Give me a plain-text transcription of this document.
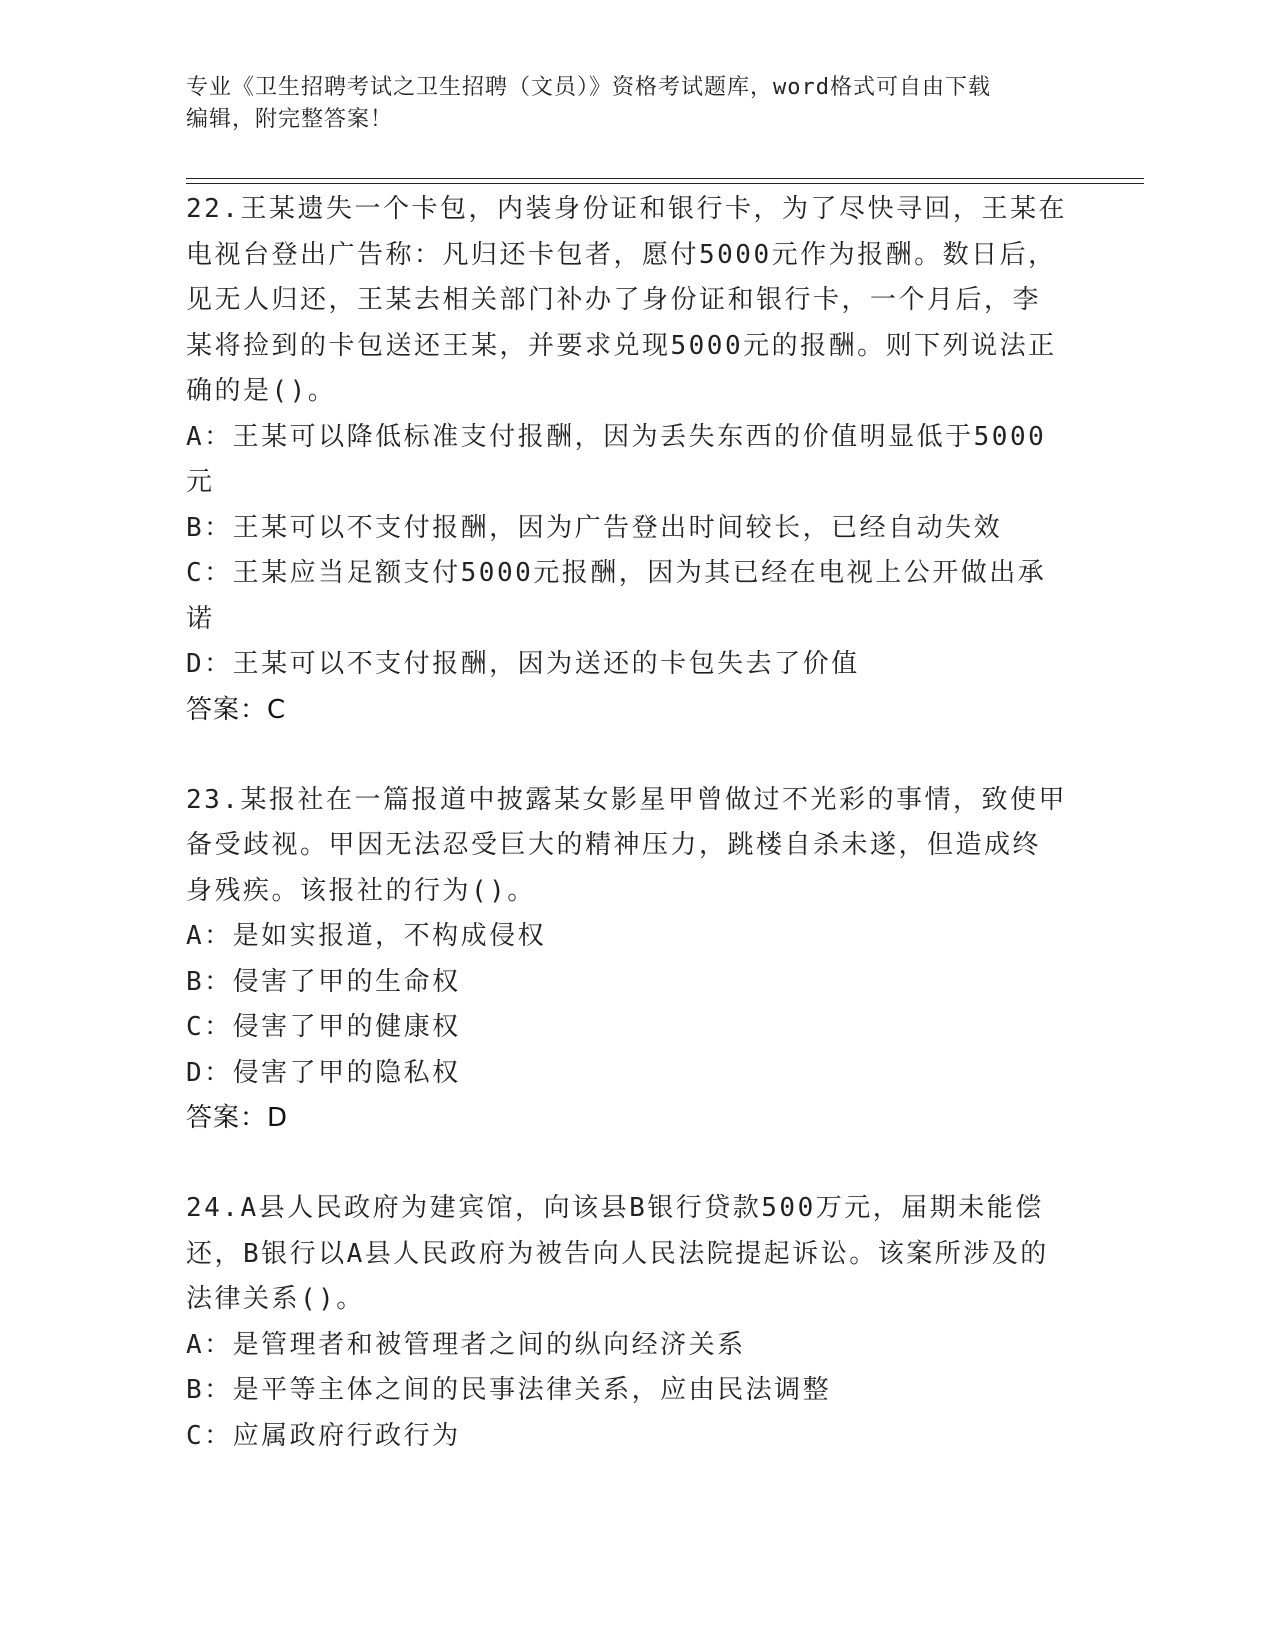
专业《卫生招聘考试之卫生招聘（文员）》资格考试题库，word格式可自由下载
编辑，附完整答案！
22.王某遗失一个卡包，内装身份证和银行卡，为了尽快寻回，王某在
电视台登出广告称：凡归还卡包者，愿付5000元作为报酬。数日后，
见无人归还，王某去相关部门补办了身份证和银行卡，一个月后，李
某将捡到的卡包送还王某，并要求兑现5000元的报酬。则下列说法正
确的是()。
A：王某可以降低标准支付报酬，因为丢失东西的价值明显低于5000
元
B：王某可以不支付报酬，因为广告登出时间较长，已经自动失效
C：王某应当足额支付5000元报酬，因为其已经在电视上公开做出承
诺
D：王某可以不支付报酬，因为送还的卡包失去了价值
答案：C
23.某报社在一篇报道中披露某女影星甲曾做过不光彩的事情，致使甲
备受歧视。甲因无法忍受巨大的精神压力，跳楼自杀未遂，但造成终
身残疾。该报社的行为()。
A：是如实报道，不构成侵权
B：侵害了甲的生命权
C：侵害了甲的健康权
D：侵害了甲的隐私权
答案：D
24.A县人民政府为建宾馆，向该县B银行贷款500万元，届期未能偿
还，B银行以A县人民政府为被告向人民法院提起诉讼。该案所涉及的
法律关系()。
A：是管理者和被管理者之间的纵向经济关系
B：是平等主体之间的民事法律关系，应由民法调整
C：应属政府行政行为
